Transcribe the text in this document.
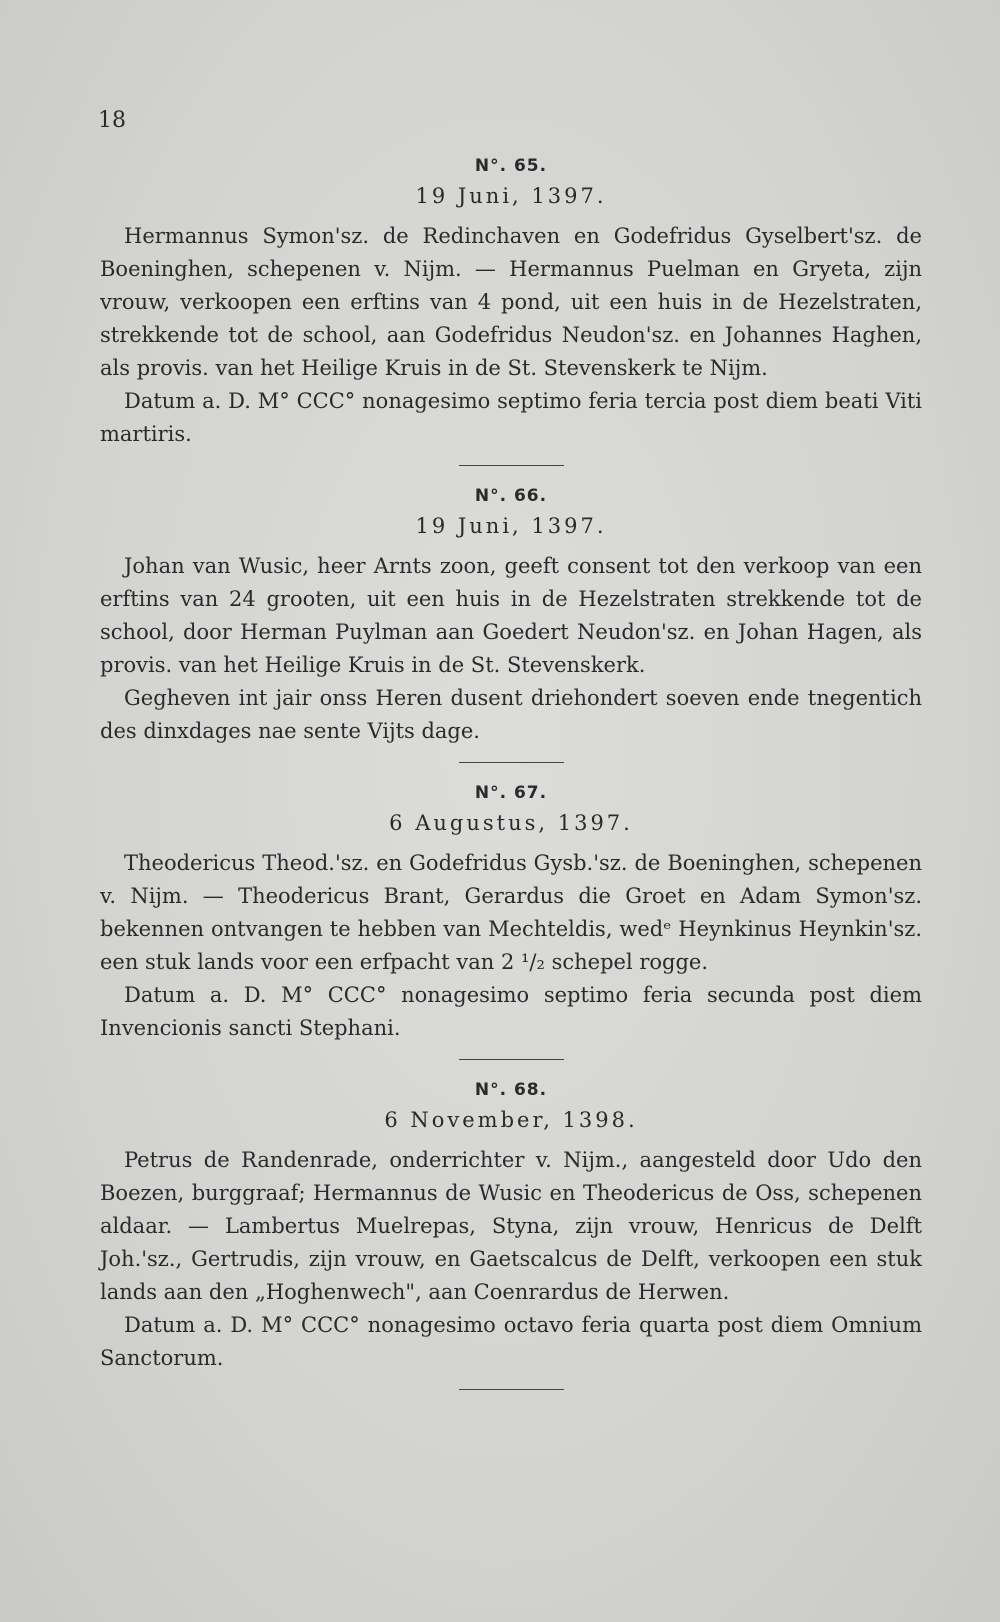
18

N°. 65.

19 Juni, 1397.

Hermannus Symon'sz. de Redinchaven en Godefridus Gyselbert'sz. de Boeninghen, schepenen v. Nijm. — Hermannus Puelman en Gryeta, zijn vrouw, verkoopen een erftins van 4 pond, uit een huis in de Hezelstraten, strekkende tot de school, aan Godefridus Neudon'sz. en Johannes Haghen, als provis. van het Heilige Kruis in de St. Stevenskerk te Nijm.

Datum a. D. M° CCC° nonagesimo septimo feria tercia post diem beati Viti martiris.

N°. 66.

19 Juni, 1397.

Johan van Wusic, heer Arnts zoon, geeft consent tot den verkoop van een erftins van 24 grooten, uit een huis in de Hezelstraten strekkende tot de school, door Herman Puylman aan Goedert Neudon'sz. en Johan Hagen, als provis. van het Heilige Kruis in de St. Stevenskerk.

Gegheven int jair onss Heren dusent driehondert soeven ende tnegentich des dinxdages nae sente Vijts dage.

N°. 67.

6 Augustus, 1397.

Theodericus Theod.'sz. en Godefridus Gysb.'sz. de Boeninghen, schepenen v. Nijm. — Theodericus Brant, Gerardus die Groet en Adam Symon'sz. bekennen ontvangen te hebben van Mechteldis, wedᵉ Heynkinus Heynkin'sz. een stuk lands voor een erfpacht van 2 ¹/₂ schepel rogge.

Datum a. D. M° CCC° nonagesimo septimo feria secunda post diem Invencionis sancti Stephani.

N°. 68.

6 November, 1398.

Petrus de Randenrade, onderrichter v. Nijm., aangesteld door Udo den Boezen, burggraaf; Hermannus de Wusic en Theodericus de Oss, schepenen aldaar. — Lambertus Muelrepas, Styna, zijn vrouw, Henricus de Delft Joh.'sz., Gertrudis, zijn vrouw, en Gaetscalcus de Delft, verkoopen een stuk lands aan den „Hoghenwech", aan Coenrardus de Herwen.

Datum a. D. M° CCC° nonagesimo octavo feria quarta post diem Omnium Sanctorum.
